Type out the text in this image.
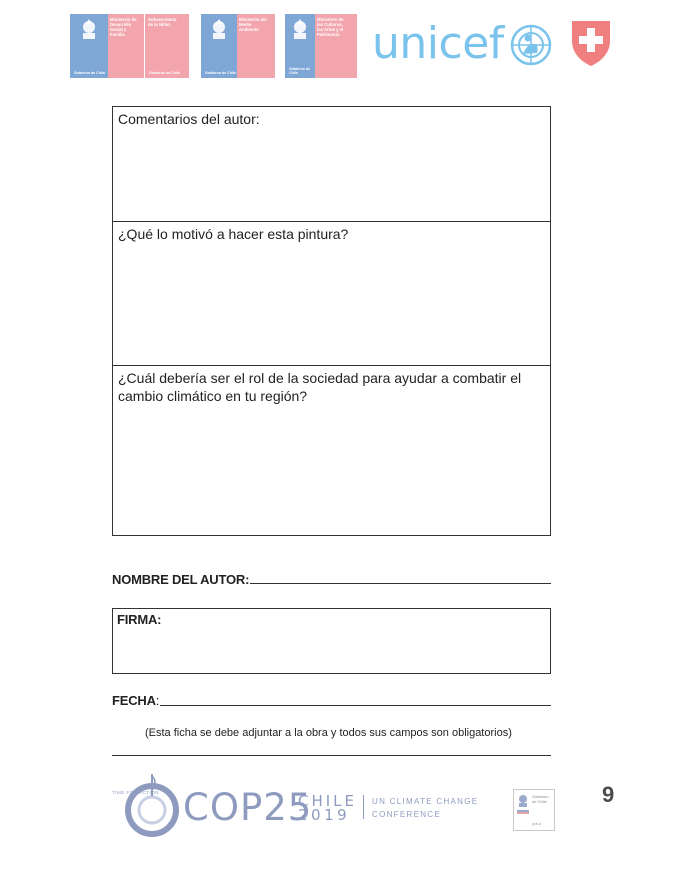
Gobierno de Chile
Ministerio de
Desarrollo
Social y
Familia
Subsecretaría
de la Niñez
Gobierno de Chile	Gobierno de Chile
Ministerio del
Medio
Ambiente
Gobierno de Chile
Ministerio de
las Culturas,
las Artes y el
Patrimonio unicef
Comentarios del autor:
¿Qué lo motivó a hacer esta pintura?
¿Cuál debería ser el rol de la sociedad para ayudar a combatir el cambio climático en tu región?
NOMBRE DEL AUTOR:
FIRMA:
FECHA:
(Esta ficha se debe adjuntar a la obra y todos sus campos son obligatorios)
TIME FOR ACTION COP25
CHILE
2019
UN CLIMATE CHANGE
CONFERENCE
Gobierno
de Chile
gob.cl
9
